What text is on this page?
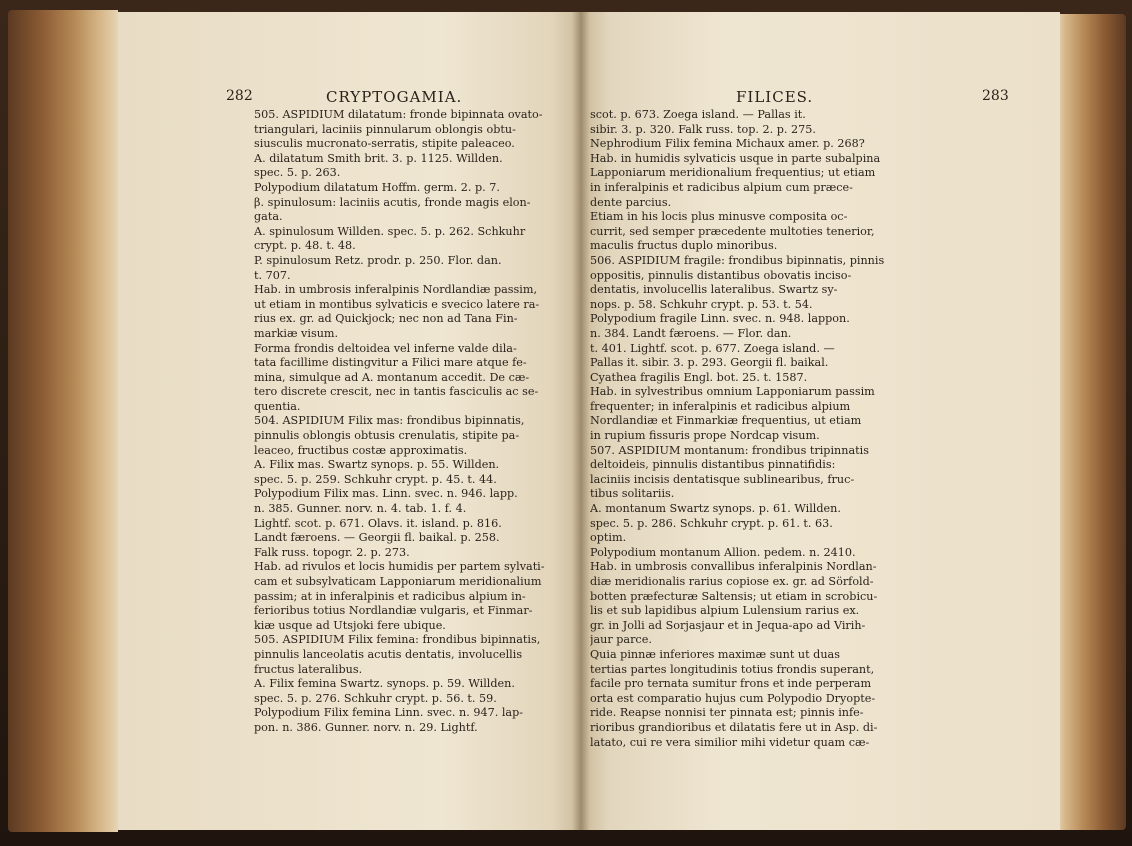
282	CRYPTOGAMIA.
505. ASPIDIUM dilatatum: fronde bipinnata ovato-
triangulari, laciniis pinnularum oblongis obtu-
siusculis mucronato-serratis, stipite paleaceo.
A. dilatatum Smith brit. 3. p. 1125. Willden.
spec. 5. p. 263.
Polypodium dilatatum Hoffm. germ. 2. p. 7.
β. spinulosum: laciniis acutis, fronde magis elon-
gata.
A. spinulosum Willden. spec. 5. p. 262. Schkuhr
crypt. p. 48. t. 48.
P. spinulosum Retz. prodr. p. 250. Flor. dan.
t. 707.
Hab. in umbrosis inferalpinis Nordlandiæ passim,
ut etiam in montibus sylvaticis e svecico latere ra-
rius ex. gr. ad Quickjock; nec non ad Tana Fin-
markiæ visum.
Forma frondis deltoidea vel inferne valde dila-
tata facillime distingvitur a Filici mare atque fe-
mina, simulque ad A. montanum accedit. De cæ-
tero discrete crescit, nec in tantis fasciculis ac se-
quentia.
504. ASPIDIUM Filix mas: frondibus bipinnatis,
pinnulis oblongis obtusis crenulatis, stipite pa-
leaceo, fructibus costæ approximatis.
A. Filix mas. Swartz synops. p. 55. Willden.
spec. 5. p. 259. Schkuhr crypt. p. 45. t. 44.
Polypodium Filix mas. Linn. svec. n. 946. lapp.
n. 385. Gunner. norv. n. 4. tab. 1. f. 4.
Lightf. scot. p. 671. Olavs. it. island. p. 816.
Landt færoens. — Georgii fl. baikal. p. 258.
Falk russ. topogr. 2. p. 273.
Hab. ad rivulos et locis humidis per partem sylvati-
cam et subsylvaticam Lapponiarum meridionalium
passim; at in inferalpinis et radicibus alpium in-
ferioribus totius Nordlandiæ vulgaris, et Finmar-
kiæ usque ad Utsjoki fere ubique.
505. ASPIDIUM Filix femina: frondibus bipinnatis,
pinnulis lanceolatis acutis dentatis, involucellis
fructus lateralibus.
A. Filix femina Swartz. synops. p. 59. Willden.
spec. 5. p. 276. Schkuhr crypt. p. 56. t. 59.
Polypodium Filix femina Linn. svec. n. 947. lap-
pon. n. 386. Gunner. norv. n. 29. Lightf.
FILICES.	283
scot. p. 673. Zoega island. — Pallas it.
sibir. 3. p. 320. Falk russ. top. 2. p. 275.
Nephrodium Filix femina Michaux amer. p. 268?
Hab. in humidis sylvaticis usque in parte subalpina
Lapponiarum meridionalium frequentius; ut etiam
in inferalpinis et radicibus alpium cum præce-
dente parcius.
Etiam in his locis plus minusve composita oc-
currit, sed semper præcedente multoties tenerior,
maculis fructus duplo minoribus.
506. ASPIDIUM fragile: frondibus bipinnatis, pinnis
oppositis, pinnulis distantibus obovatis inciso-
dentatis, involucellis lateralibus. Swartz sy-
nops. p. 58. Schkuhr crypt. p. 53. t. 54.
Polypodium fragile Linn. svec. n. 948. lappon.
n. 384. Landt færoens. — Flor. dan.
t. 401. Lightf. scot. p. 677. Zoega island. —
Pallas it. sibir. 3. p. 293. Georgii fl. baikal.
Cyathea fragilis Engl. bot. 25. t. 1587.
Hab. in sylvestribus omnium Lapponiarum passim
frequenter; in inferalpinis et radicibus alpium
Nordlandiæ et Finmarkiæ frequentius, ut etiam
in rupium fissuris prope Nordcap visum.
507. ASPIDIUM montanum: frondibus tripinnatis
deltoideis, pinnulis distantibus pinnatifidis:
laciniis incisis dentatisque sublinearibus, fruc-
tibus solitariis.
A. montanum Swartz synops. p. 61. Willden.
spec. 5. p. 286. Schkuhr crypt. p. 61. t. 63.
optim.
Polypodium montanum Allion. pedem. n. 2410.
Hab. in umbrosis convallibus inferalpinis Nordlan-
diæ meridionalis rarius copiose ex. gr. ad Sörfold-
botten præfecturæ Saltensis; ut etiam in scrobicu-
lis et sub lapidibus alpium Lulensium rarius ex.
gr. in Jolli ad Sorjasjaur et in Jequa-apo ad Virih-
jaur parce.
Quia pinnæ inferiores maximæ sunt ut duas
tertias partes longitudinis totius frondis superant,
facile pro ternata sumitur frons et inde perperam
orta est comparatio hujus cum Polypodio Dryopte-
ride. Reapse nonnisi ter pinnata est; pinnis infe-
rioribus grandioribus et dilatatis fere ut in Asp. di-
latato, cui re vera similior mihi videtur quam cæ-
